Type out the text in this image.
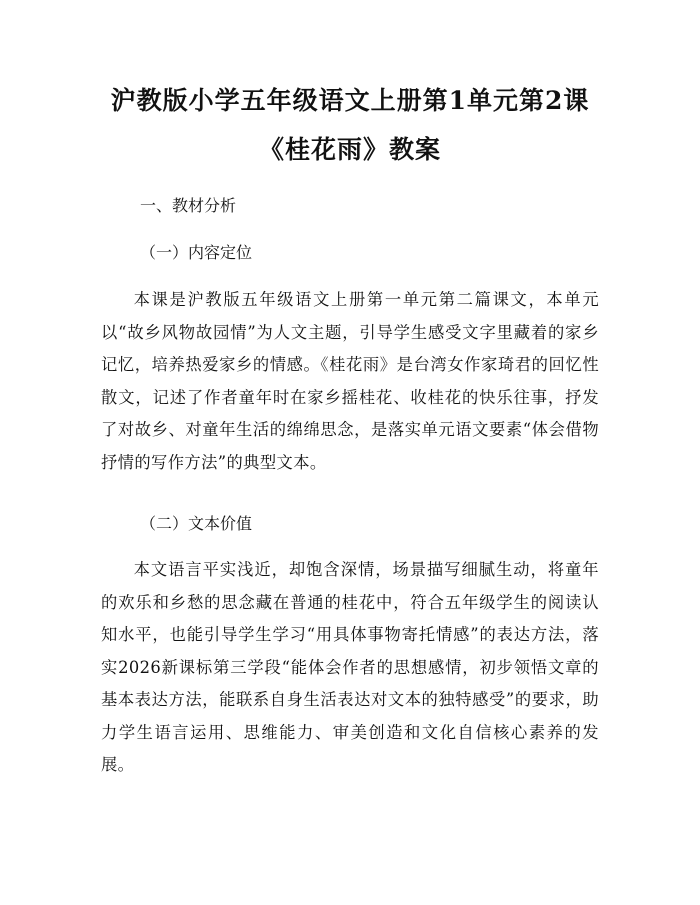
沪教版小学五年级语文上册第1单元第2课
《桂花雨》教案
一、教材分析
（一）内容定位
本课是沪教版五年级语文上册第一单元第二篇课文，本单元以“故乡风物故园情”为人文主题，引导学生感受文字里藏着的家乡记忆，培养热爱家乡的情感。《桂花雨》是台湾女作家琦君的回忆性散文，记述了作者童年时在家乡摇桂花、收桂花的快乐往事，抒发了对故乡、对童年生活的绵绵思念，是落实单元语文要素“体会借物抒情的写作方法”的典型文本。
（二）文本价值
本文语言平实浅近，却饱含深情，场景描写细腻生动，将童年的欢乐和乡愁的思念藏在普通的桂花中，符合五年级学生的阅读认知水平，也能引导学生学习“用具体事物寄托情感”的表达方法，落实2026新课标第三学段“能体会作者的思想感情，初步领悟文章的基本表达方法，能联系自身生活表达对文本的独特感受”的要求，助力学生语言运用、思维能力、审美创造和文化自信核心素养的发展。
